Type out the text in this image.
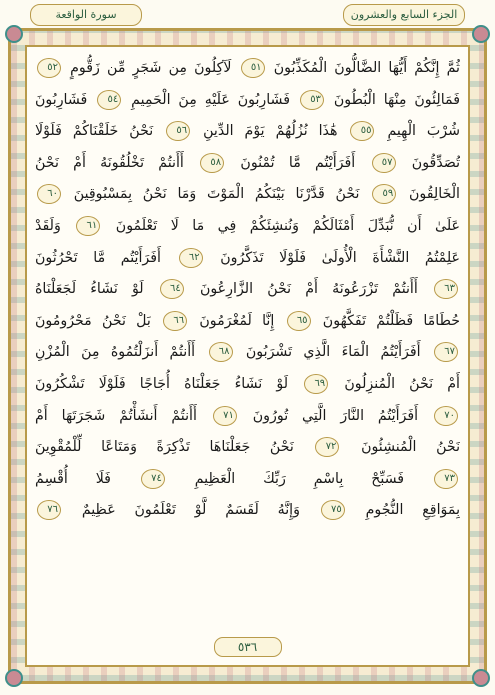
الجزء السابع والعشرون
سورة الواقعة
ثُمَّ إِنَّكُمْ أَيُّهَا الضَّالُّونَ الْمُكَذِّبُونَ ٥١ لَآكِلُونَ مِن شَجَرٍ مِّن زَقُّومٍ ٥٢
فَمَالِئُونَ مِنْهَا الْبُطُونَ ٥٣ فَشَارِبُونَ عَلَيْهِ مِنَ الْحَمِيمِ ٥٤ فَشَارِبُونَ
شُرْبَ الْهِيمِ ٥٥ هَٰذَا نُزُلُهُمْ يَوْمَ الدِّينِ ٥٦ نَحْنُ خَلَقْنَاكُمْ فَلَوْلَا
تُصَدِّقُونَ ٥٧ أَفَرَأَيْتُم مَّا تُمْنُونَ ٥٨ أَأَنتُمْ تَخْلُقُونَهُ أَمْ نَحْنُ
الْخَالِقُونَ ٥٩ نَحْنُ قَدَّرْنَا بَيْنَكُمُ الْمَوْتَ وَمَا نَحْنُ بِمَسْبُوقِينَ ٦٠
عَلَىٰ أَن نُّبَدِّلَ أَمْثَالَكُمْ وَنُنشِئَكُمْ فِي مَا لَا تَعْلَمُونَ ٦١ وَلَقَدْ
عَلِمْتُمُ النَّشْأَةَ الْأُولَىٰ فَلَوْلَا تَذَكَّرُونَ ٦٢ أَفَرَأَيْتُم مَّا تَحْرُثُونَ
٦٣ أَأَنتُمْ تَزْرَعُونَهُ أَمْ نَحْنُ الزَّارِعُونَ ٦٤ لَوْ نَشَاءُ لَجَعَلْنَاهُ
حُطَامًا فَظَلْتُمْ تَفَكَّهُونَ ٦٥ إِنَّا لَمُغْرَمُونَ ٦٦ بَلْ نَحْنُ مَحْرُومُونَ
٦٧ أَفَرَأَيْتُمُ الْمَاءَ الَّذِي تَشْرَبُونَ ٦٨ أَأَنتُمْ أَنزَلْتُمُوهُ مِنَ الْمُزْنِ
أَمْ نَحْنُ الْمُنزِلُونَ ٦٩ لَوْ نَشَاءُ جَعَلْنَاهُ أُجَاجًا فَلَوْلَا تَشْكُرُونَ
٧٠ أَفَرَأَيْتُمُ النَّارَ الَّتِي تُورُونَ ٧١ أَأَنتُمْ أَنشَأْتُمْ شَجَرَتَهَا أَمْ
نَحْنُ الْمُنشِئُونَ ٧٢ نَحْنُ جَعَلْنَاهَا تَذْكِرَةً وَمَتَاعًا لِّلْمُقْوِينَ
٧٣ فَسَبِّحْ بِاسْمِ رَبِّكَ الْعَظِيمِ ٧٤ فَلَا أُقْسِمُ
بِمَوَاقِعِ النُّجُومِ ٧٥ وَإِنَّهُ لَقَسَمٌ لَّوْ تَعْلَمُونَ عَظِيمٌ ٧٦
٥٣٦
